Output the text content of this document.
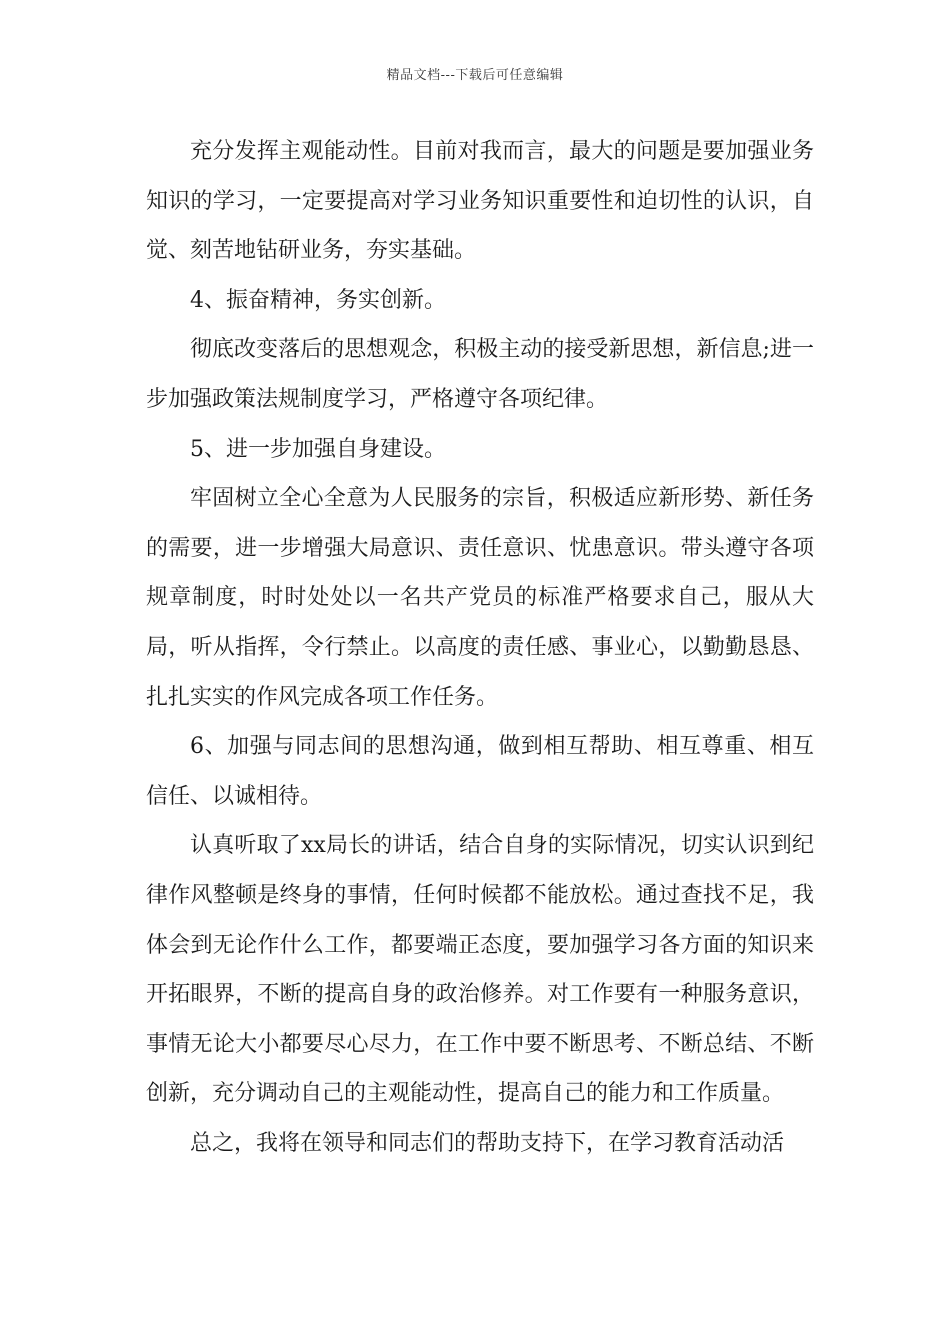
精品文档---下载后可任意编辑

充分发挥主观能动性。目前对我而言，最大的问题是要加强业务知识的学习，一定要提高对学习业务知识重要性和迫切性的认识，自觉、刻苦地钻研业务，夯实基础。

4、振奋精神，务实创新。

彻底改变落后的思想观念，积极主动的接受新思想，新信息;进一步加强政策法规制度学习，严格遵守各项纪律。

5、进一步加强自身建设。

牢固树立全心全意为人民服务的宗旨，积极适应新形势、新任务的需要，进一步增强大局意识、责任意识、忧患意识。带头遵守各项规章制度，时时处处以一名共产党员的标准严格要求自己，服从大局，听从指挥，令行禁止。以高度的责任感、事业心，以勤勤恳恳、扎扎实实的作风完成各项工作任务。

6、加强与同志间的思想沟通，做到相互帮助、相互尊重、相互信任、以诚相待。

认真听取了xx局长的讲话，结合自身的实际情况，切实认识到纪律作风整顿是终身的事情，任何时候都不能放松。通过查找不足，我体会到无论作什么工作，都要端正态度，要加强学习各方面的知识来开拓眼界，不断的提高自身的政治修养。对工作要有一种服务意识，事情无论大小都要尽心尽力，在工作中要不断思考、不断总结、不断创新，充分调动自己的主观能动性，提高自己的能力和工作质量。

总之，我将在领导和同志们的帮助支持下，在学习教育活动活
